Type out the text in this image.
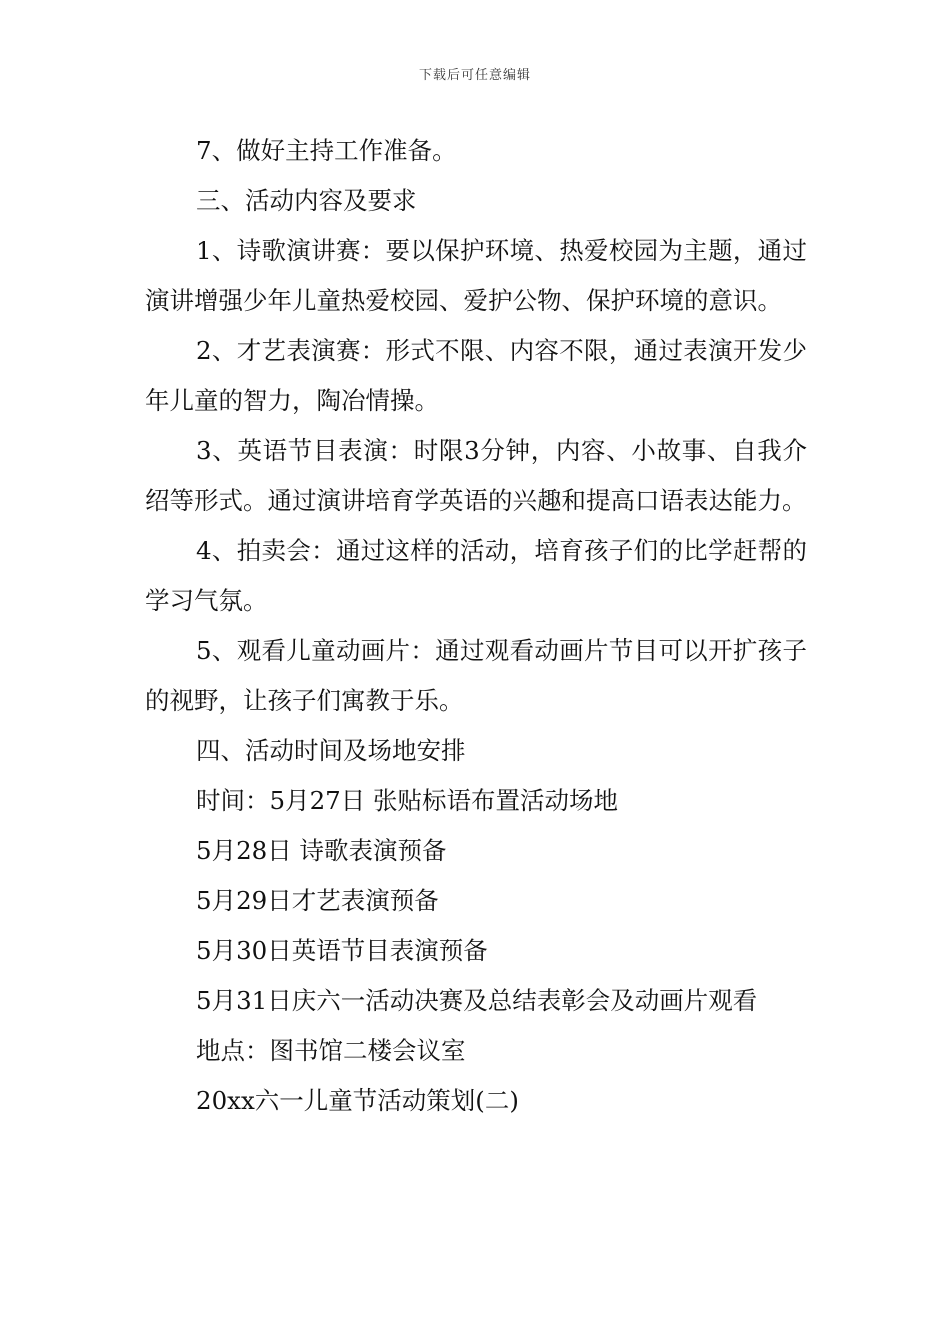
下载后可任意编辑

7、做好主持工作准备。

三、活动内容及要求

1、诗歌演讲赛：要以保护环境、热爱校园为主题，通过演讲增强少年儿童热爱校园、爱护公物、保护环境的意识。

2、才艺表演赛：形式不限、内容不限，通过表演开发少年儿童的智力，陶冶情操。

3、英语节目表演：时限3分钟，内容、小故事、自我介绍等形式。通过演讲培育学英语的兴趣和提高口语表达能力。

4、拍卖会：通过这样的活动，培育孩子们的比学赶帮的学习气氛。

5、观看儿童动画片：通过观看动画片节目可以开扩孩子的视野，让孩子们寓教于乐。

四、活动时间及场地安排

时间：5月27日 张贴标语布置活动场地

5月28日 诗歌表演预备

5月29日才艺表演预备

5月30日英语节目表演预备

5月31日庆六一活动决赛及总结表彰会及动画片观看

地点：图书馆二楼会议室

20xx六一儿童节活动策划(二)
